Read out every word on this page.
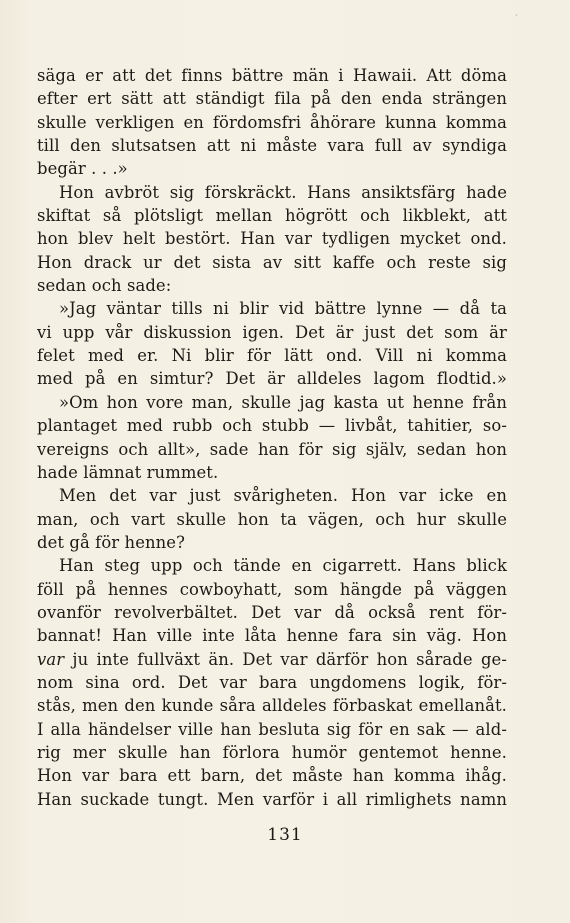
´
säga er att det finns bättre män i Hawaii. Att döma
efter ert sätt att ständigt fila på den enda strängen
skulle verkligen en fördomsfri åhörare kunna komma
till den slutsatsen att ni måste vara full av syndiga
begär . . .»
Hon avbröt sig förskräckt. Hans ansiktsfärg hade
skiftat så plötsligt mellan högrött och likblekt, att
hon blev helt bestört. Han var tydligen mycket ond.
Hon drack ur det sista av sitt kaffe och reste sig
sedan och sade:
»Jag väntar tills ni blir vid bättre lynne — då ta
vi upp vår diskussion igen. Det är just det som är
felet med er. Ni blir för lätt ond. Vill ni komma
med på en simtur? Det är alldeles lagom flodtid.»
»Om hon vore man, skulle jag kasta ut henne från
plantaget med rubb och stubb — livbåt, tahitier, so-
vereigns och allt», sade han för sig själv, sedan hon
hade lämnat rummet.
Men det var just svårigheten. Hon var icke en
man, och vart skulle hon ta vägen, och hur skulle
det gå för henne?
Han steg upp och tände en cigarrett. Hans blick
föll på hennes cowboyhatt, som hängde på väggen
ovanför revolverbältet. Det var då också rent för-
bannat! Han ville inte låta henne fara sin väg. Hon
var ju inte fullväxt än. Det var därför hon sårade ge-
nom sina ord. Det var bara ungdomens logik, för-
stås, men den kunde såra alldeles förbaskat emellanåt.
I alla händelser ville han besluta sig för en sak — ald-
rig mer skulle han förlora humör gentemot henne.
Hon var bara ett barn, det måste han komma ihåg.
Han suckade tungt. Men varför i all rimlighets namn
131
